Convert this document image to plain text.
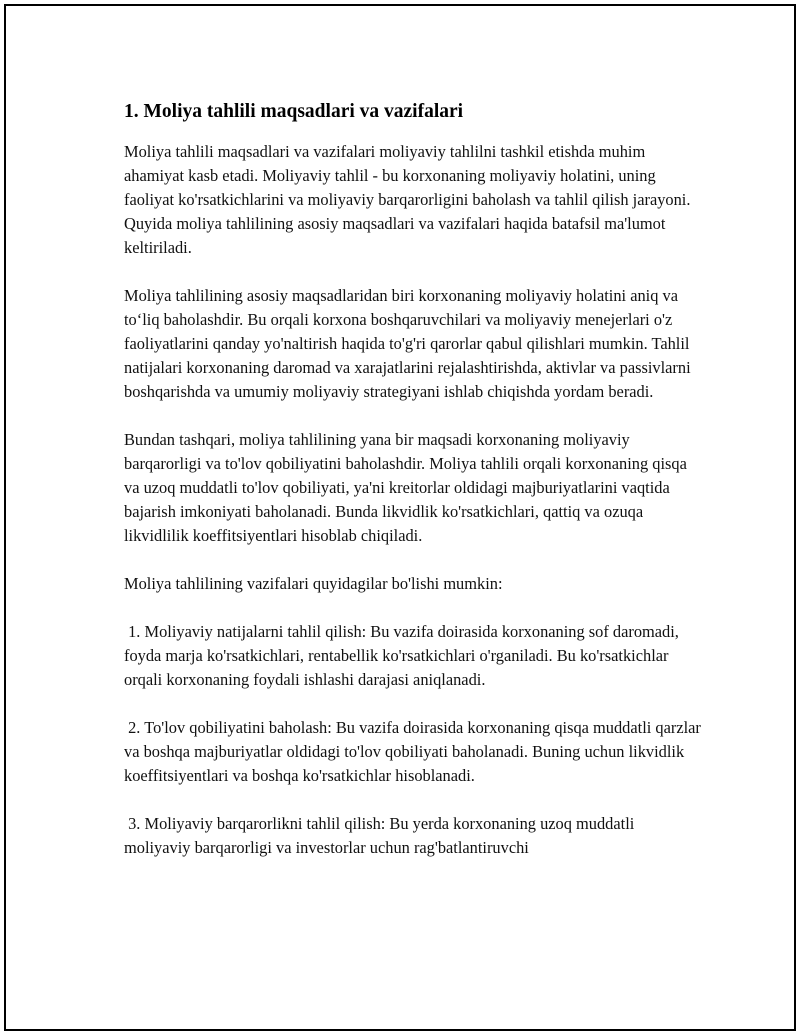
1. Moliya tahlili maqsadlari va vazifalari

Moliya tahlili maqsadlari va vazifalari moliyaviy tahlilni tashkil etishda muhim ahamiyat kasb etadi. Moliyaviy tahlil - bu korxonaning moliyaviy holatini, uning faoliyat ko'rsatkichlarini va moliyaviy barqarorligini baholash va tahlil qilish jarayoni. Quyida moliya tahlilining asosiy maqsadlari va vazifalari haqida batafsil ma'lumot keltiriladi.

Moliya tahlilining asosiy maqsadlaridan biri korxonaning moliyaviy holatini aniq va to‘liq baholashdir. Bu orqali korxona boshqaruvchilari va moliyaviy menejerlari o'z faoliyatlarini qanday yo'naltirish haqida to'g'ri qarorlar qabul qilishlari mumkin. Tahlil natijalari korxonaning daromad va xarajatlarini rejalashtirishda, aktivlar va passivlarni boshqarishda va umumiy moliyaviy strategiyani ishlab chiqishda yordam beradi.

Bundan tashqari, moliya tahlilining yana bir maqsadi korxonaning moliyaviy barqarorligi va to'lov qobiliyatini baholashdir. Moliya tahlili orqali korxonaning qisqa va uzoq muddatli to'lov qobiliyati, ya'ni kreitorlar oldidagi majburiyatlarini vaqtida bajarish imkoniyati baholanadi. Bunda likvidlik ko'rsatkichlari, qattiq va ozuqa likvidlilik koeffitsiyentlari hisoblab chiqiladi.

Moliya tahlilining vazifalari quyidagilar bo'lishi mumkin:

1. Moliyaviy natijalarni tahlil qilish: Bu vazifa doirasida korxonaning sof daromadi, foyda marja ko'rsatkichlari, rentabellik ko'rsatkichlari o'rganiladi. Bu ko'rsatkichlar orqali korxonaning foydali ishlashi darajasi aniqlanadi.

2. To'lov qobiliyatini baholash: Bu vazifa doirasida korxonaning qisqa muddatli qarzlar va boshqa majburiyatlar oldidagi to'lov qobiliyati baholanadi. Buning uchun likvidlik koeffitsiyentlari va boshqa ko'rsatkichlar hisoblanadi.

3. Moliyaviy barqarorlikni tahlil qilish: Bu yerda korxonaning uzoq muddatli moliyaviy barqarorligi va investorlar uchun rag'batlantiruvchi
